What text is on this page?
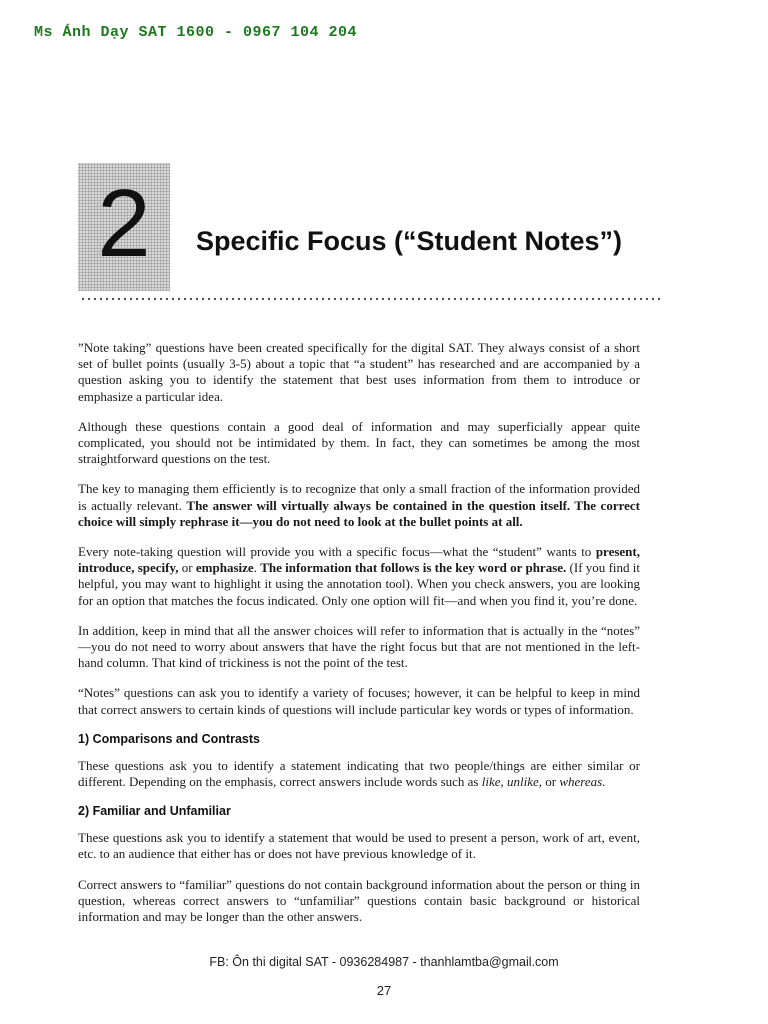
Ms Ánh Dạy SAT 1600 - 0967 104 204
2	Specific Focus (“Student Notes”)

”Note taking” questions have been created specifically for the digital SAT. They always consist of a short set of bullet points (usually 3-5) about a topic that “a student” has researched and are accompanied by a question asking you to identify the statement that best uses information from them to introduce or emphasize a particular idea.

Although these questions contain a good deal of information and may superficially appear quite complicated, you should not be intimidated by them. In fact, they can sometimes be among the most straightforward questions on the test.

The key to managing them efficiently is to recognize that only a small fraction of the information provided is actually relevant. The answer will virtually always be contained in the question itself. The correct choice will simply rephrase it—you do not need to look at the bullet points at all.

Every note-taking question will provide you with a specific focus—what the “student” wants to present, introduce, specify, or emphasize. The information that follows is the key word or phrase. (If you find it helpful, you may want to highlight it using the annotation tool). When you check answers, you are looking for an option that matches the focus indicated. Only one option will fit—and when you find it, you’re done.

In addition, keep in mind that all the answer choices will refer to information that is actually in the “notes” —you do not need to worry about answers that have the right focus but that are not mentioned in the left-hand column. That kind of trickiness is not the point of the test.

“Notes” questions can ask you to identify a variety of focuses; however, it can be helpful to keep in mind that correct answers to certain kinds of questions will include particular key words or types of information.

1) Comparisons and Contrasts

These questions ask you to identify a statement indicating that two people/things are either similar or different. Depending on the emphasis, correct answers include words such as like, unlike, or whereas.

2) Familiar and Unfamiliar

These questions ask you to identify a statement that would be used to present a person, work of art, event, etc. to an audience that either has or does not have previous knowledge of it.

Correct answers to “familiar” questions do not contain background information about the person or thing in question, whereas correct answers to “unfamiliar” questions contain basic background or historical information and may be longer than the other answers.

FB: Ôn thi digital SAT - 0936284987 - thanhlamtba@gmail.com
27
